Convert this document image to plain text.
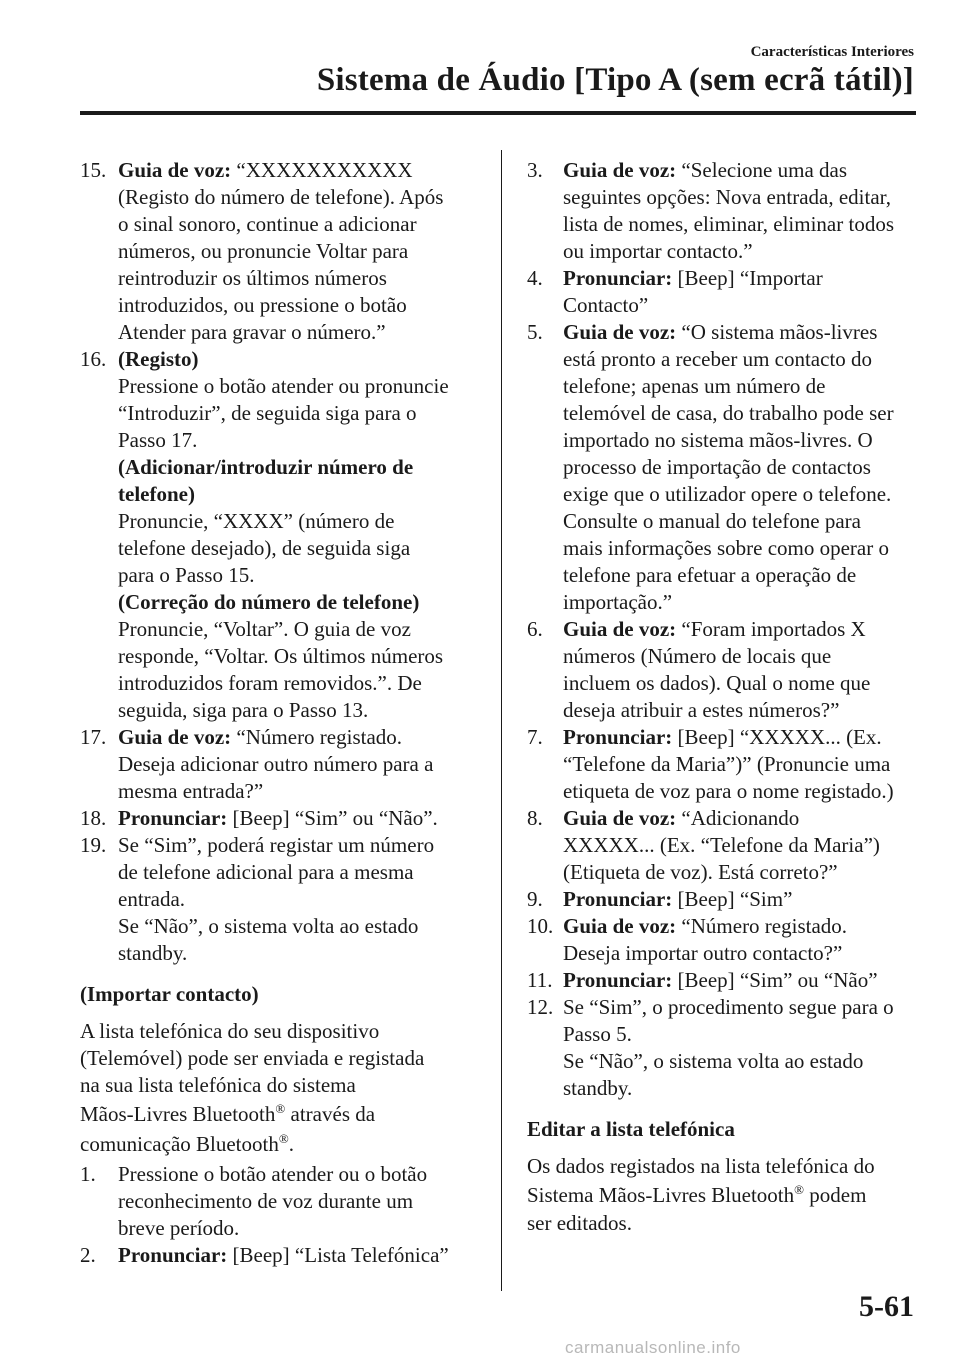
Características Interiores
Sistema de Áudio [Tipo A (sem ecrã tátil)]
15. Guia de voz: “XXXXXXXXXXX
(Registo do número de telefone). Após
o sinal sonoro, continue a adicionar
números, ou pronuncie Voltar para
reintroduzir os últimos números
introduzidos, ou pressione o botão
Atender para gravar o número.”
16. (Registo)
Pressione o botão atender ou pronuncie
“Introduzir”, de seguida siga para o
Passo 17.
(Adicionar/introduzir número de
telefone)
Pronuncie, “XXXX” (número de
telefone desejado), de seguida siga
para o Passo 15.
(Correção do número de telefone)
Pronuncie, “Voltar”. O guia de voz
responde, “Voltar. Os últimos números
introduzidos foram removidos.”. De
seguida, siga para o Passo 13.
17. Guia de voz: “Número registado.
Deseja adicionar outro número para a
mesma entrada?”
18. Pronunciar: [Beep] “Sim” ou “Não”.
19. Se “Sim”, poderá registar um número
de telefone adicional para a mesma
entrada.
Se “Não”, o sistema volta ao estado
standby.
(Importar contacto)
A lista telefónica do seu dispositivo
(Telemóvel) pode ser enviada e registada
na sua lista telefónica do sistema
Mãos-Livres Bluetooth® através da
comunicação Bluetooth®.
1. Pressione o botão atender ou o botão
reconhecimento de voz durante um
breve período.
2. Pronunciar: [Beep] “Lista Telefónica”
3. Guia de voz: “Selecione uma das
seguintes opções: Nova entrada, editar,
lista de nomes, eliminar, eliminar todos
ou importar contacto.”
4. Pronunciar: [Beep] “Importar
Contacto”
5. Guia de voz: “O sistema mãos-livres
está pronto a receber um contacto do
telefone; apenas um número de
telemóvel de casa, do trabalho pode ser
importado no sistema mãos-livres. O
processo de importação de contactos
exige que o utilizador opere o telefone.
Consulte o manual do telefone para
mais informações sobre como operar o
telefone para efetuar a operação de
importação.”
6. Guia de voz: “Foram importados X
números (Número de locais que
incluem os dados). Qual o nome que
deseja atribuir a estes números?”
7. Pronunciar: [Beep] “XXXXX... (Ex.
“Telefone da Maria”)” (Pronuncie uma
etiqueta de voz para o nome registado.)
8. Guia de voz: “Adicionando
XXXXX... (Ex. “Telefone da Maria”)
(Etiqueta de voz). Está correto?”
9. Pronunciar: [Beep] “Sim”
10. Guia de voz: “Número registado.
Deseja importar outro contacto?”
11. Pronunciar: [Beep] “Sim” ou “Não”
12. Se “Sim”, o procedimento segue para o
Passo 5.
Se “Não”, o sistema volta ao estado
standby.
Editar a lista telefónica
Os dados registados na lista telefónica do
Sistema Mãos-Livres Bluetooth® podem
ser editados.
5-61
carmanualsonline.info
